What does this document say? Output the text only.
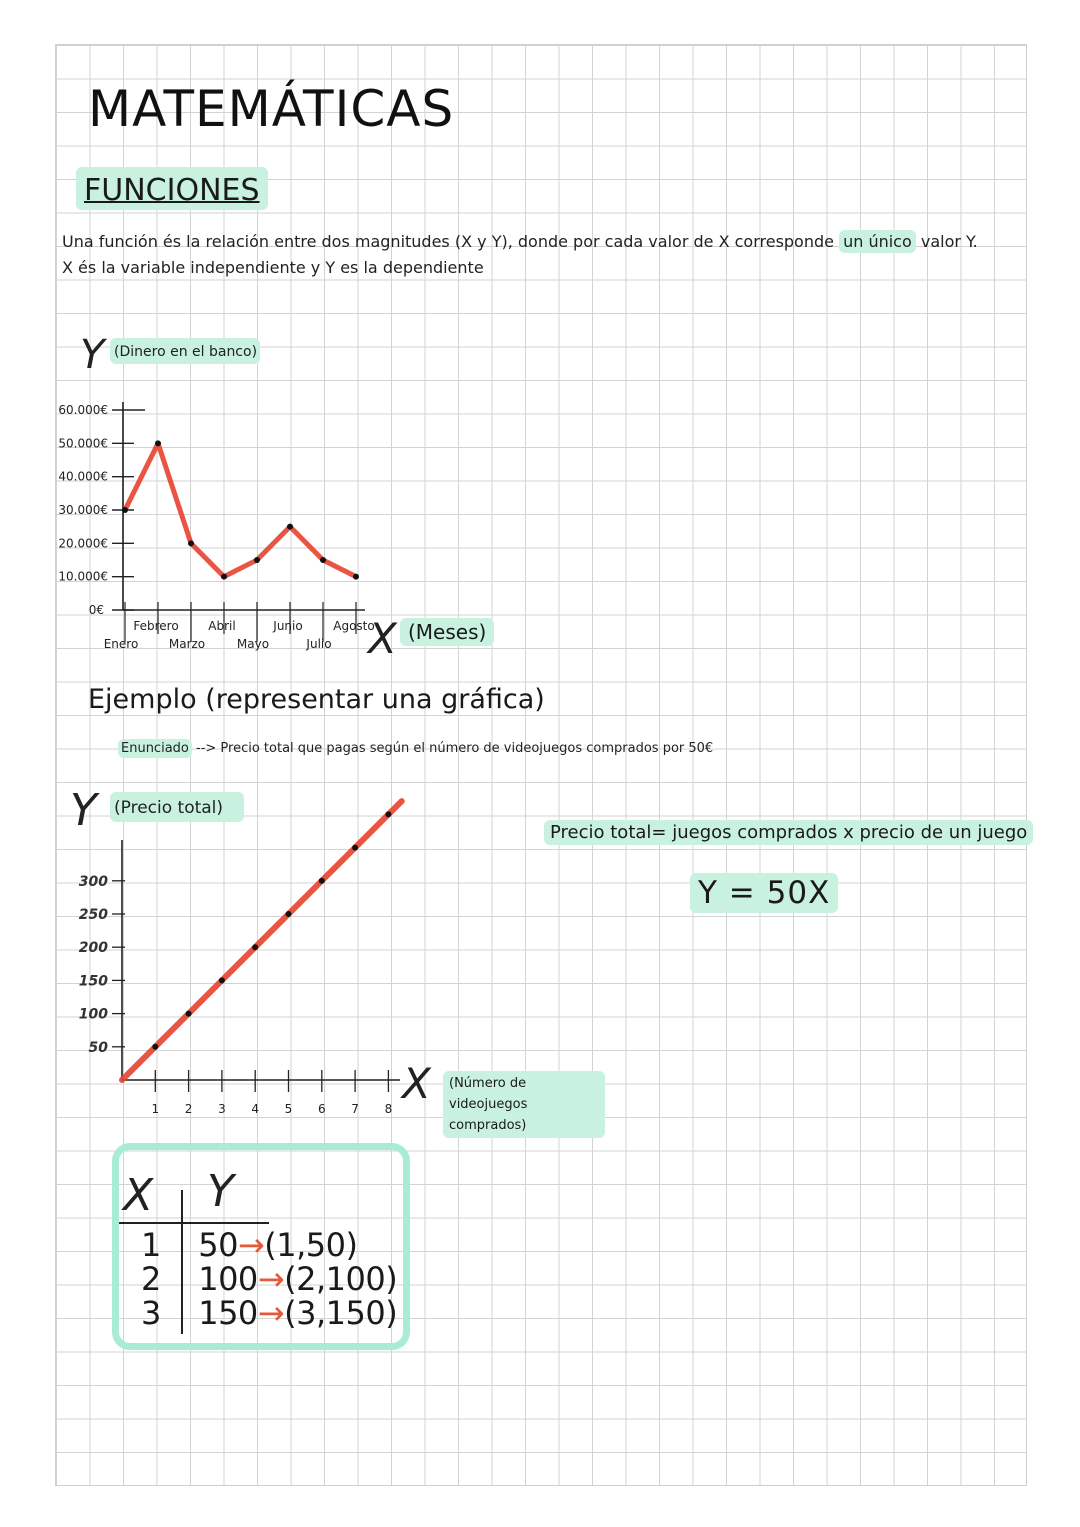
MATEMÁTICAS
FUNCIONES
Una función és la relación entre dos magnitudes (X y Y), donde por cada valor de X corresponde un único valor Y.
X és la variable independiente y Y es la dependiente
Y (Dinero en el banco)
0€
10.000€
20.000€
30.000€
40.000€
50.000€
60.000€
Enero
Febrero
Marzo
Abril
Mayo
Junio
Julio
Agosto
X (Meses)
Ejemplo (representar una gráfica)
Enunciado --> Precio total que pagas según el número de videojuegos comprados por 50€
Y (Precio total)
50
100
150
200
250
300
1 2 3 4 5 6 7 8
X	(Número de videojuegos comprados)
Precio total= juegos comprados x precio de un juego
Y = 50X
X Y
1 50→(1,50)
2 100→(2,100)
3 150→(3,150)
